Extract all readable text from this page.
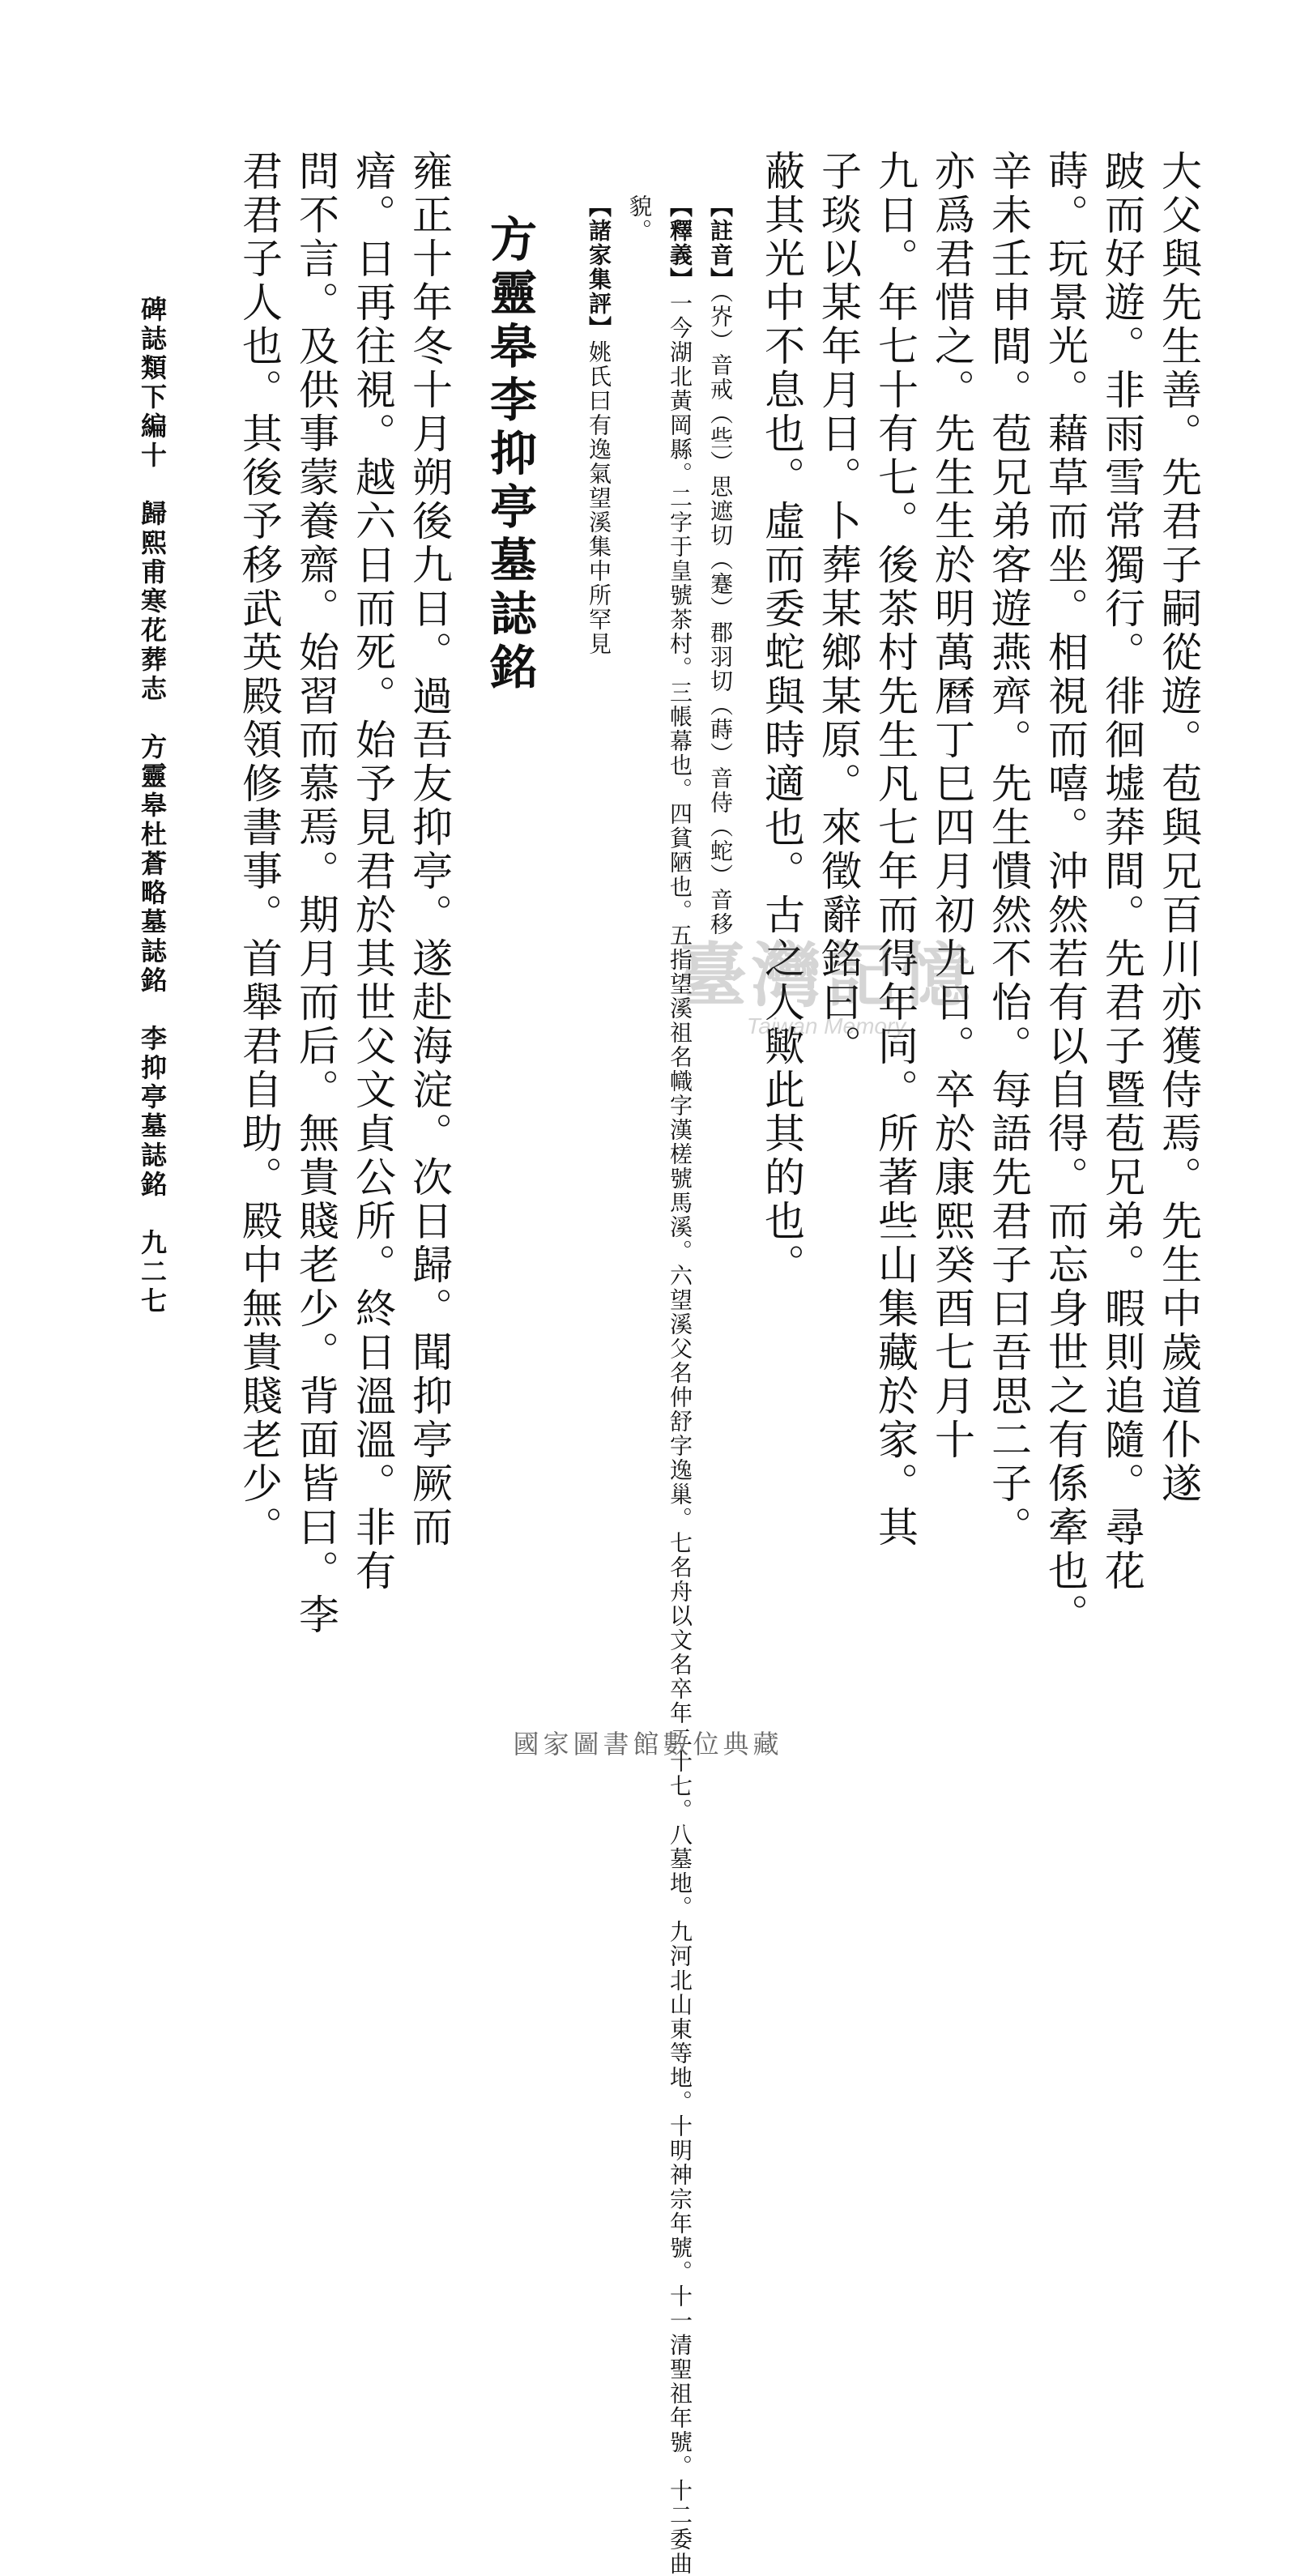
大父與先生善。先君子嗣從遊。苞與兄百川亦獲侍焉。先生中歲道仆遂
跛而好遊。非雨雪常獨行。徘徊墟莽間。先君子暨苞兄弟。暇則追隨。尋花
蒔。玩景光。藉草而坐。相視而嘻。沖然若有以自得。而忘身世之有係牽也。
辛未壬申間。苞兄弟客遊燕齊。先生憒然不怡。每語先君子曰吾思二子。
亦爲君惜之。先生生於明萬曆丁巳四月初九日。卒於康熙癸酉七月十
九日。年七十有七。後茶村先生凡七年而得年同。所著些山集藏於家。其
子琰以某年月日。卜葬某鄉某原。來徵辭銘曰。
蔽其光中不息也。虛而委蛇與時適也。古之人歟此其的也。
【註音】（岕）音戒（些）思遮切（蹇）郡羽切（蒔）音侍（蛇）音移
【釋義】一今湖北黃岡縣。二字于皇號茶村。三帳幕也。四貧陋也。五指望溪祖名幟字漢槎號馬溪。六望溪父名仲舒字逸巢。七名舟以文名卒年二十七。八墓地。九河北山東等地。十明神宗年號。十一清聖祖年號。十二委曲
貌。
【諸家集評】姚氏曰有逸氣望溪集中所罕見
方靈皋李抑亭墓誌銘
雍正十年冬十月朔後九日。過吾友抑亭。遂赴海淀。次日歸。聞抑亭厥而
瘖。日再往視。越六日而死。始予見君於其世父文貞公所。終日溫溫。非有
問不言。及供事蒙養齋。始習而慕焉。期月而后。無貴賤老少。背面皆曰。李
君君子人也。其後予移武英殿領修書事。首舉君自助。殿中無貴賤老少。
碑誌類下編十　歸熙甫寒花葬志　方靈皋杜蒼略墓誌銘　李抑亭墓誌銘　九二七	臺灣記憶
Taiwan Memory
國家圖書館數位典藏
